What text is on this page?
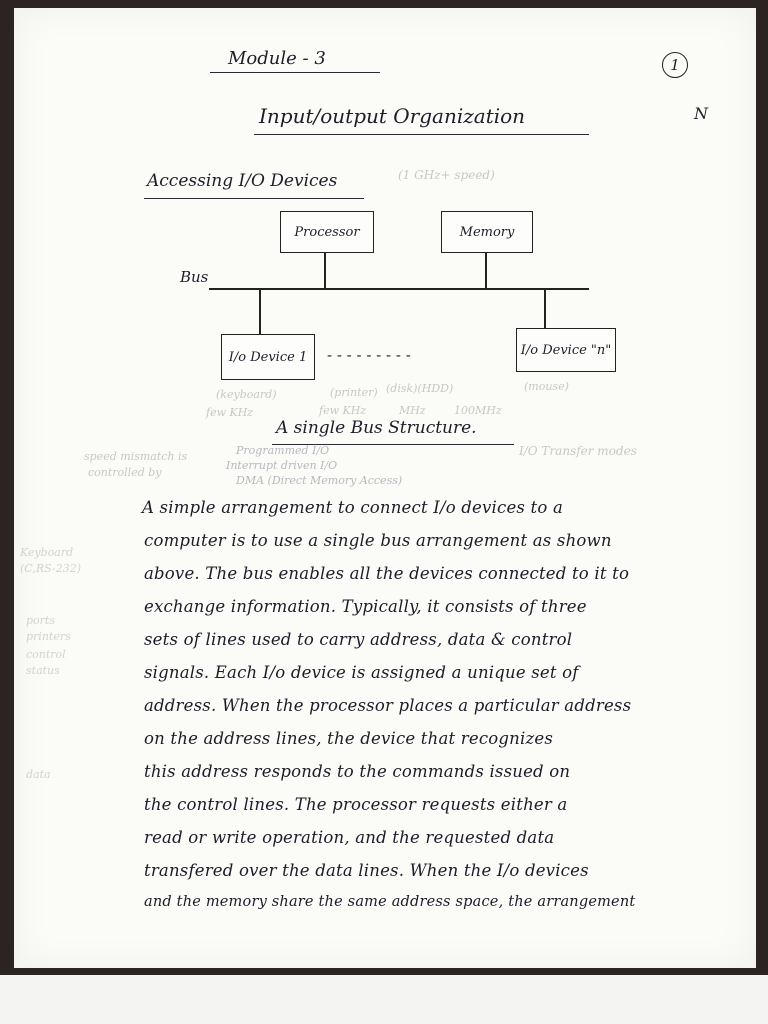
Module - 3	1
Input/output Organization	N
Accessing I/O Devices	(1 GHz+ speed)
Processor	Memory
Bus
I/o Device 1 - - - - - - - - -	I/o Device "n"
(keyboard)	(printer) (disk)(HDD)	(mouse)
few KHz	few KHz	MHz	100MHz
A single Bus Structure.
speed mismatch is
controlled by
Programmed I/O
Interrupt driven I/O
DMA (Direct Memory Access)
I/O Transfer modes
Keyboard
(C,RS-232)
ports
printers
control
status
data
A simple arrangement to connect I/o devices to a
computer is to use a single bus arrangement as shown
above. The bus enables all the devices connected to it to
exchange information. Typically, it consists of three
sets of lines used to carry address, data & control
signals. Each I/o device is assigned a unique set of
address. When the processor places a particular address
on the address lines, the device that recognizes
this address responds to the commands issued on
the control lines. The processor requests either a
read or write operation, and the requested data
transfered over the data lines. When the I/o devices
and the memory share the same address space, the arrangement
